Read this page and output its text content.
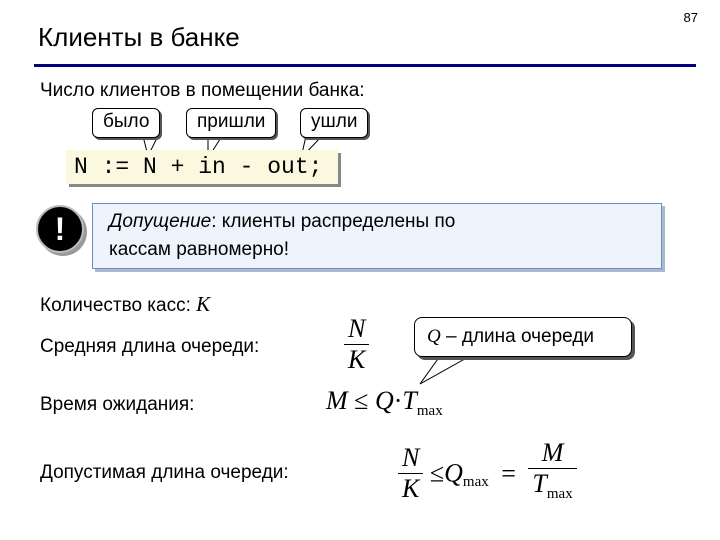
87
Клиенты в банке
Число клиентов в помещении банка:
было	пришли	ушли
N := N + in - out;
!	Допущение: клиенты распределены по
кассам равномерно!
Количество касс: K
Средняя длина очереди:	$\frac{N}{K}$	Q – длина очереди
Время ожидания:	$M \le Q\cdot T_{max}$
Допустимая длина очереди:	$\frac{N}{K} \le Q_{max} = \frac{M}{T_{max}}$
